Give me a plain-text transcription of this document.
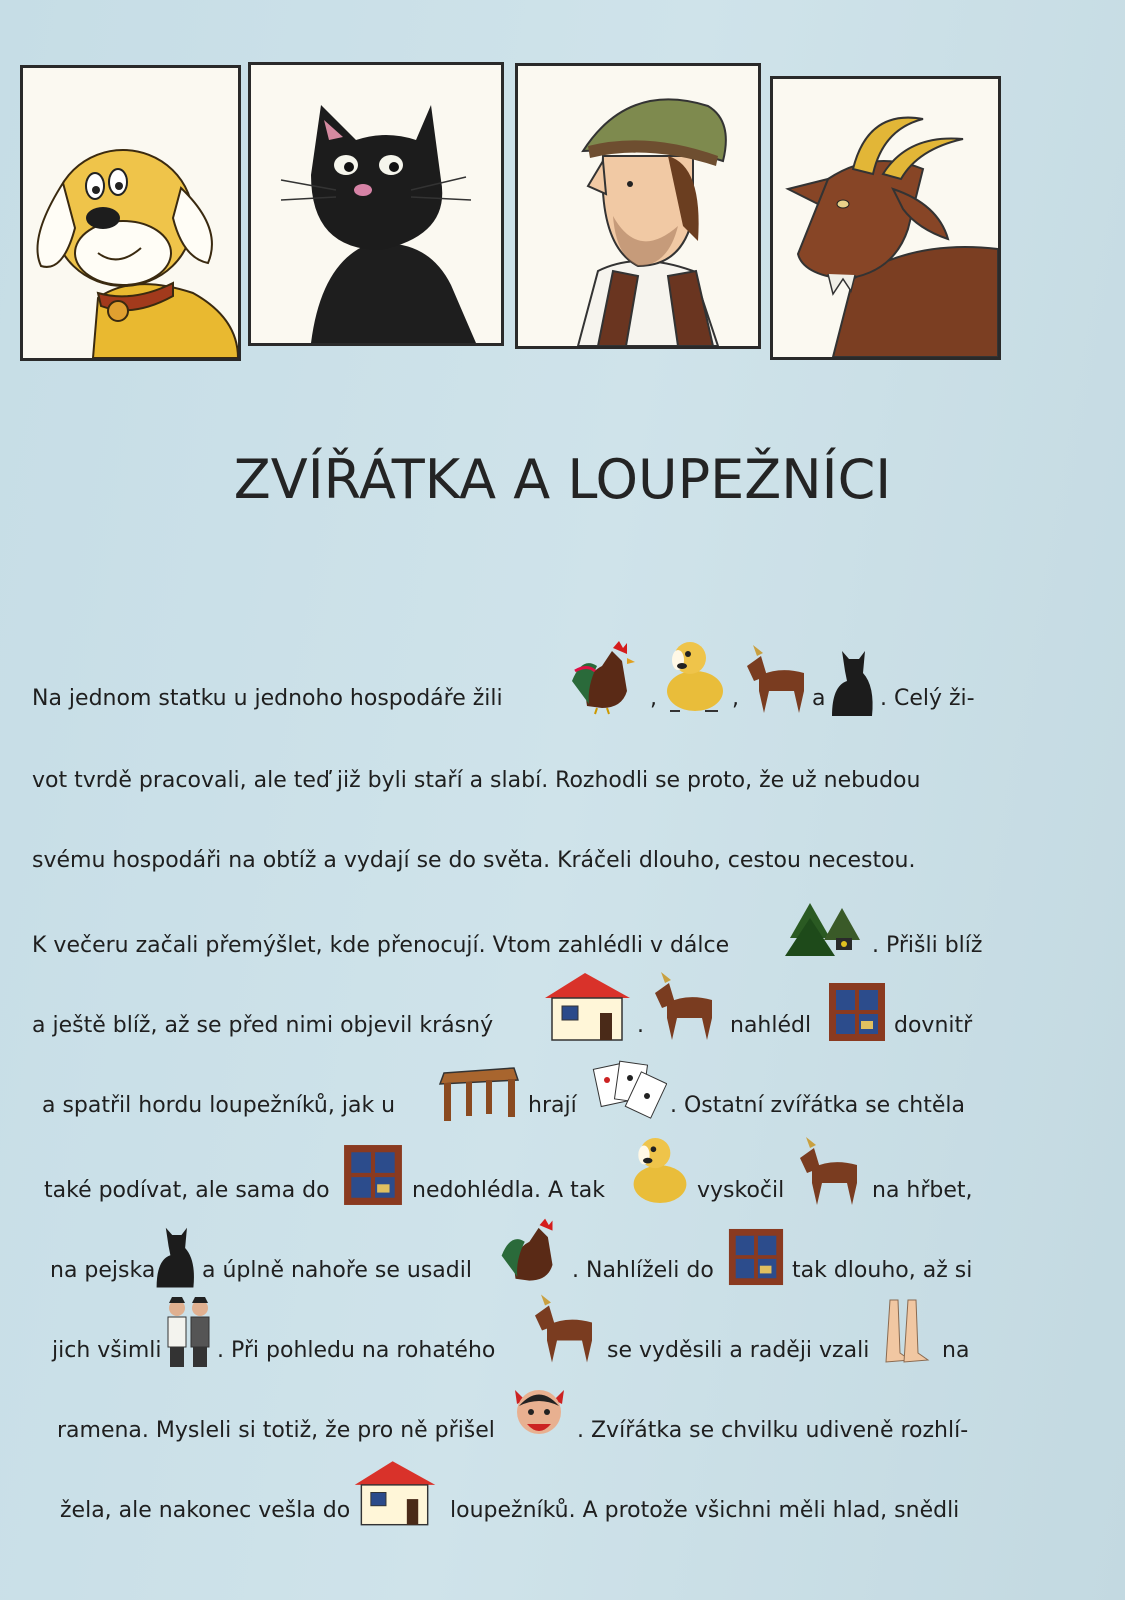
ZVÍŘÁTKA A LOUPEŽNÍCI
Na jednom statku u jednoho hospodáře žili	,	,	a . Celý ži-
vot tvrdě pracovali, ale teď již byli staří a slabí. Rozhodli se proto, že už nebudou
svému hospodáři na obtíž a vydají se do světa. Kráčeli dlouho, cestou necestou.
K večeru začali přemýšlet, kde přenocují. Vtom zahlédli v dálce	. Přišli blíž
a ještě blíž, až se před nimi objevil krásný	.	nahlédl	dovnitř
a spatřil hordu loupežníků, jak u	hrají	. Ostatní zvířátka se chtěla
také podívat, ale sama do	nedohlédla. A tak	vyskočil	na hřbet,
na pejska a úplně nahoře se usadil	. Nahlíželi do	tak dlouho, až si
jich všimli	. Při pohledu na rohatého	se vyděsili a raději vzali	na
ramena. Mysleli si totiž, že pro ně přišel	. Zvířátka se chvilku udiveně rozhlí-
žela, ale nakonec vešla do	loupežníků. A protože všichni měli hlad, snědli
